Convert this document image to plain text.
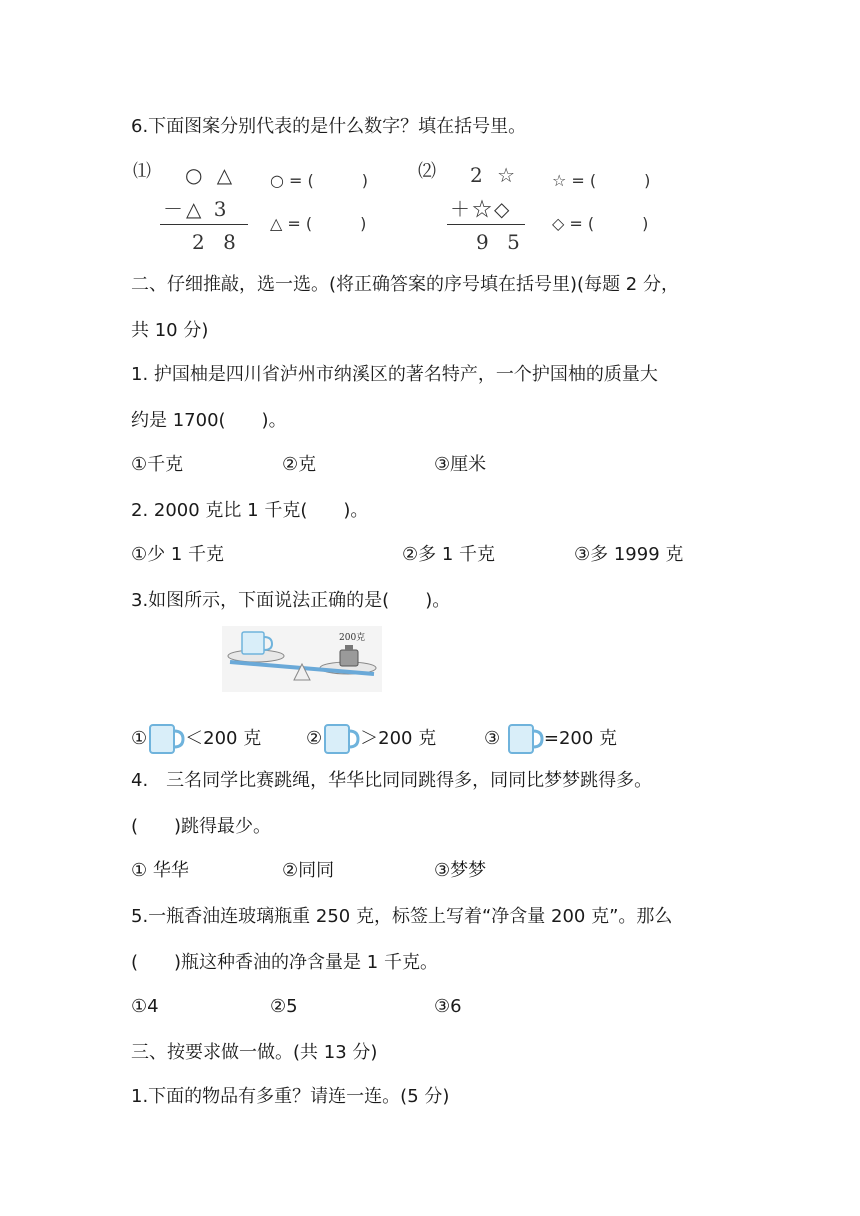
6.下面图案分别代表的是什么数字？填在括号里。
⑴ ○ △
－△ 3
2 8
○ = (　　　)
△ = (　　　)
⑵ 2 ☆
＋☆◇
9 5
☆ = (　　　)
◇ = (　　　)
二、仔细推敲，选一选。(将正确答案的序号填在括号里)(每题 2 分，
共 10 分)
1. 护国柚是四川省泸州市纳溪区的著名特产，一个护国柚的质量大
约是 1700(　　)。
①千克	②克	③厘米
2. 2000 克比 1 千克(　　)。
①少 1 千克	②多 1 千克	③多 1999 克
3.如图所示，下面说法正确的是(　　)。
200克
① ＜200 克 ② ＞200 克	③ =200 克
4.　三名同学比赛跳绳，华华比同同跳得多，同同比梦梦跳得多。
(　　)跳得最少。
① 华华	②同同	③梦梦
5.一瓶香油连玻璃瓶重 250 克，标签上写着“净含量 200 克”。那么
(　　)瓶这种香油的净含量是 1 千克。
①4	②5	③6
三、按要求做一做。(共 13 分)
1.下面的物品有多重？请连一连。(5 分)
